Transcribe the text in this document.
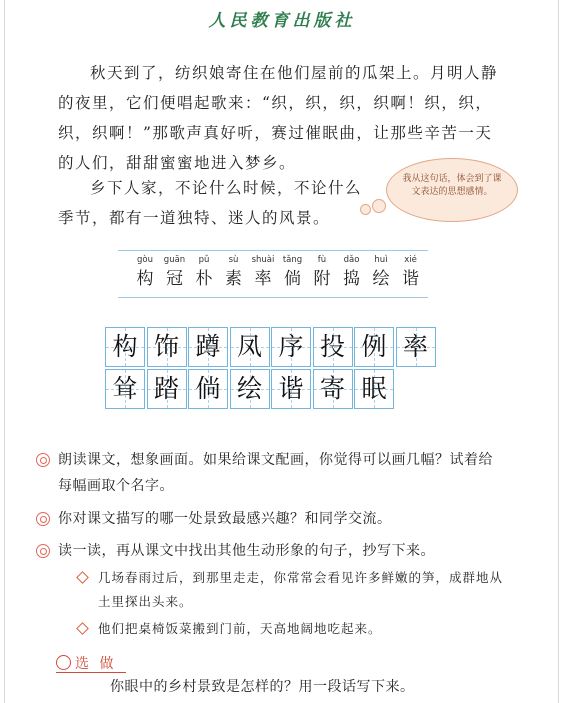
人民教育出版社
秋天到了，纺织娘寄住在他们屋前的瓜架上。月明人静的夜里，它们便唱起歌来：“织，织，织，织啊！织，织，织，织啊！”那歌声真好听，赛过催眠曲，让那些辛苦一天的人们，甜甜蜜蜜地进入梦乡。
乡下人家，不论什么时候，不论什么季节，都有一道独特、迷人的风景。
我从这句话，体会到了课文表达的思想感情。
gòu
构
guān
冠
pǔ
朴
sù
素
shuài
率
tǎng
倘
fù
附
dǎo
捣
huì
绘
xié
谐
构 饰 蹲 凤 序 投 例 率
耸 踏 倘 绘 谐 寄 眠
朗读课文，想象画面。如果给课文配画，你觉得可以画几幅？试着给每幅画取个名字。
你对课文描写的哪一处景致最感兴趣？和同学交流。
读一读，再从课文中找出其他生动形象的句子，抄写下来。
几场春雨过后，到那里走走，你常常会看见许多鲜嫩的笋，成群地从土里探出头来。
他们把桌椅饭菜搬到门前，天高地阔地吃起来。
选 做
你眼中的乡村景致是怎样的？用一段话写下来。
